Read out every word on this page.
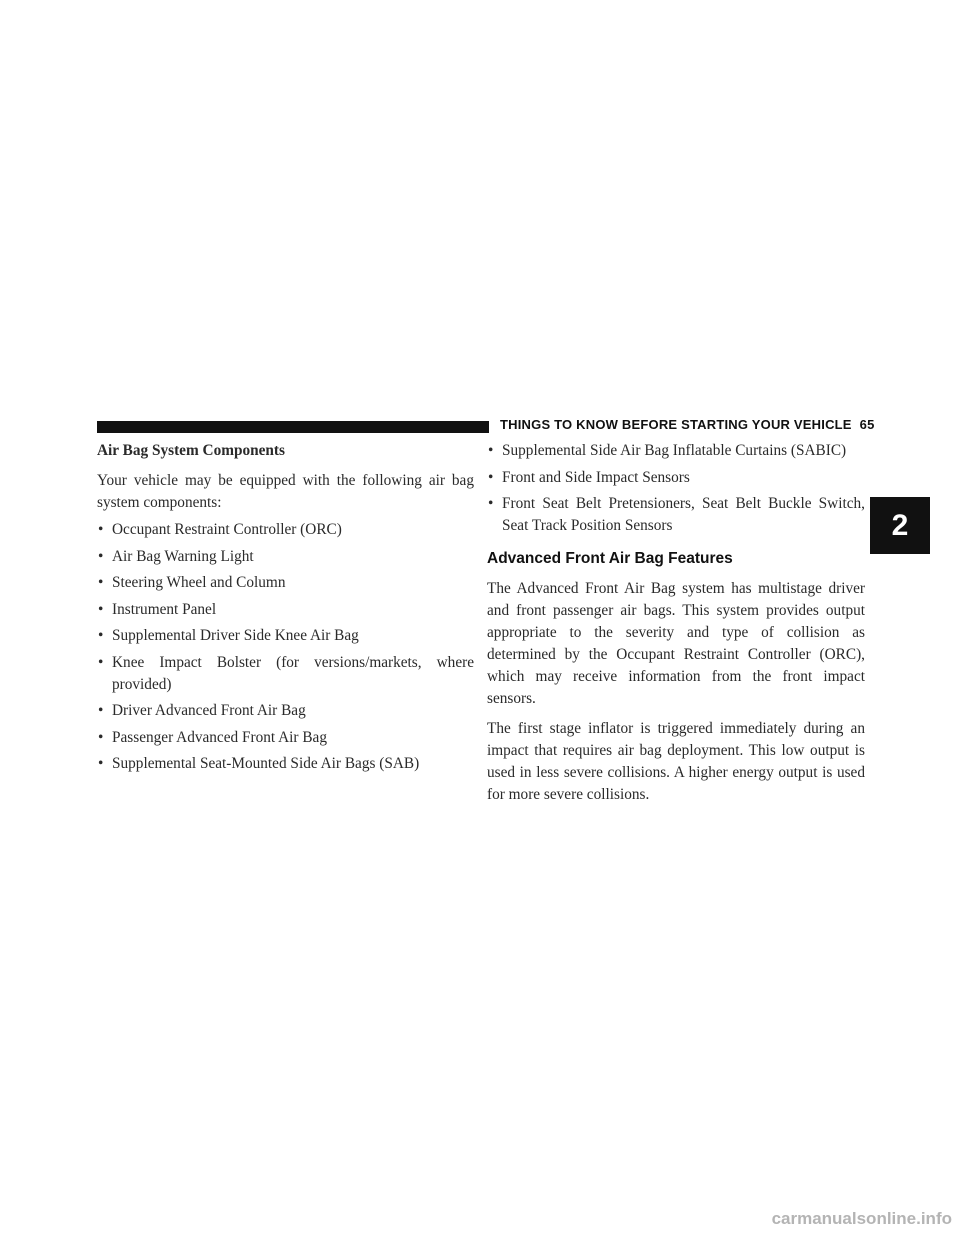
THINGS TO KNOW BEFORE STARTING YOUR VEHICLE 65
2
Air Bag System Components

Your vehicle may be equipped with the following air bag system components:

• Occupant Restraint Controller (ORC)
• Air Bag Warning Light
• Steering Wheel and Column
• Instrument Panel
• Supplemental Driver Side Knee Air Bag
• Knee Impact Bolster (for versions/markets, where provided)
• Driver Advanced Front Air Bag
• Passenger Advanced Front Air Bag
• Supplemental Seat-Mounted Side Air Bags (SAB)
• Supplemental Side Air Bag Inflatable Curtains (SABIC)
• Front and Side Impact Sensors
• Front Seat Belt Pretensioners, Seat Belt Buckle Switch, Seat Track Position Sensors
Advanced Front Air Bag Features

The Advanced Front Air Bag system has multistage driver and front passenger air bags. This system provides output appropriate to the severity and type of collision as determined by the Occupant Restraint Controller (ORC), which may receive information from the front impact sensors.

The first stage inflator is triggered immediately during an impact that requires air bag deployment. This low output is used in less severe collisions. A higher energy output is used for more severe collisions.

carmanualsonline.info
